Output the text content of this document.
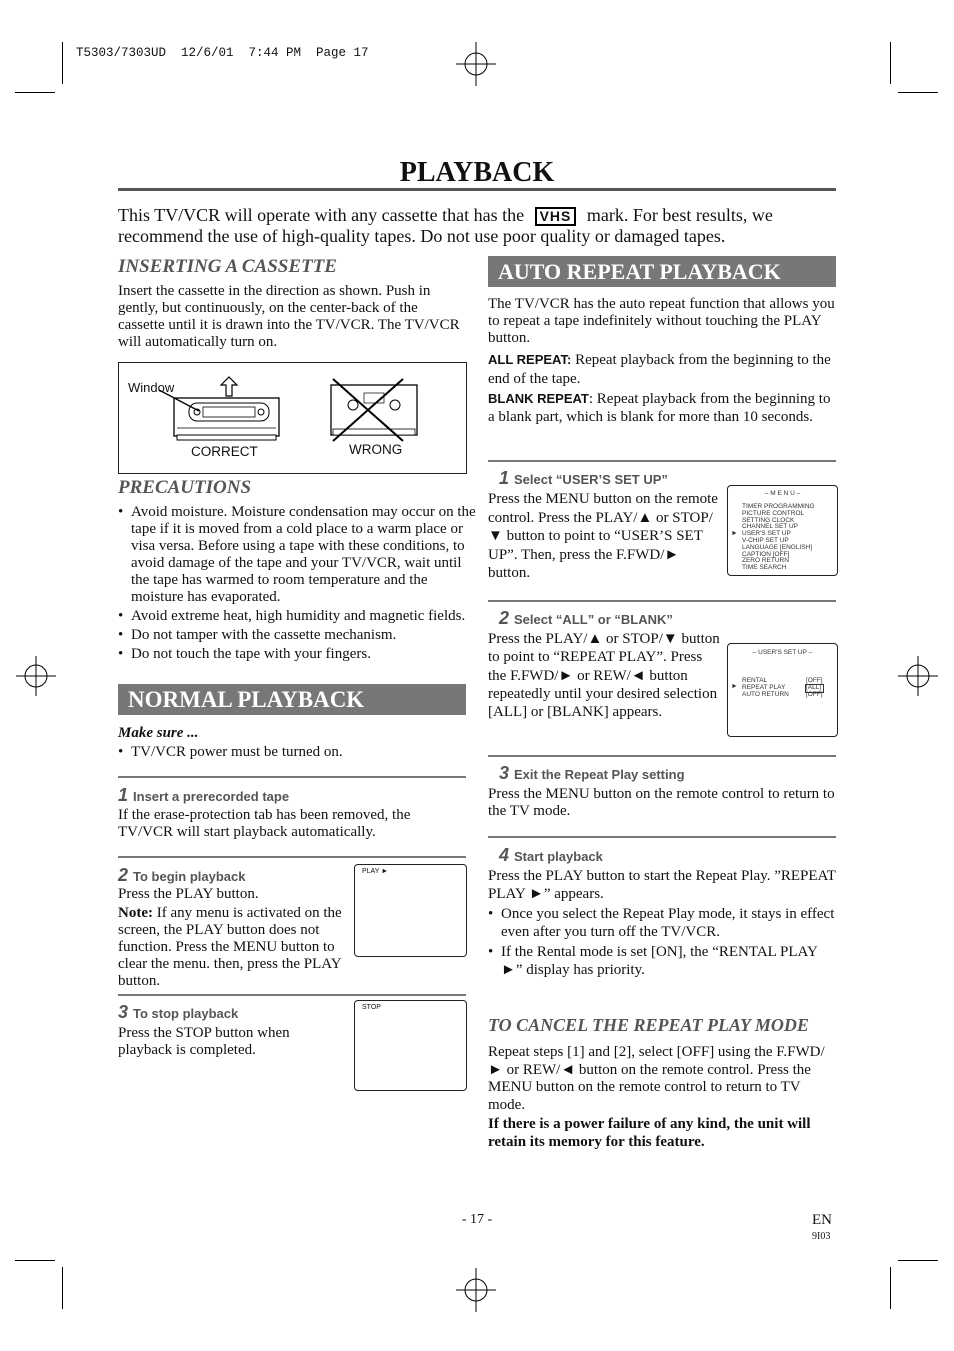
T5303/7303UD  12/6/01  7:44 PM  Page 17
PLAYBACK
This TV/VCR will operate with any cassette that has the VHS mark. For best results, we recommend the use of high-quality tapes. Do not use poor quality or damaged tapes.
INSERTING A CASSETTE
Insert the cassette in the direction as shown. Push in gently, but continuously, on the center-back of the cassette until it is drawn into the TV/VCR. The TV/VCR will automatically turn on.
Window
CORRECT	WRONG
PRECAUTIONS
• Avoid moisture. Moisture condensation may occur on the tape if it is moved from a cold place to a warm place or visa versa. Before using a tape with these conditions, to avoid damage of the tape and your TV/VCR, wait until the tape has warmed to room temperature and the moisture has evaporated.
• Avoid extreme heat, high humidity and magnetic fields.
• Do not tamper with the cassette mechanism.
• Do not touch the tape with your fingers.
NORMAL PLAYBACK
Make sure ...
• TV/VCR power must be turned on.
1 Insert a prerecorded tape
If the erase-protection tab has been removed, the TV/VCR will start playback automatically.
2 To begin playback
Press the PLAY button.
Note: If any menu is activated on the screen, the PLAY button does not function. Press the MENU button to clear the menu. then, press the PLAY button.
PLAY ►
3 To stop playback
Press the STOP button when playback is completed.
STOP
AUTO REPEAT PLAYBACK
The TV/VCR has the auto repeat function that allows you to repeat a tape indefinitely without touching the PLAY button.
ALL REPEAT: Repeat playback from the beginning to the end of the tape.
BLANK REPEAT: Repeat playback from the beginning to a blank part, which is blank for more than 10 seconds.
1 Select “USER’S SET UP”
Press the MENU button on the remote control. Press the PLAY/▲ or STOP/▼ button to point to “USER’S SET UP”. Then, press the F.FWD/► button.
– M E N U –
TIMER PROGRAMMING
PICTURE CONTROL
SETTING CLOCK
CHANNEL SET UP
USER'S SET UP
V-CHIP SET UP
LANGUAGE [ENGLISH]
CAPTION [OFF]
ZERO RETURN
TIME SEARCH
►
2 Select “ALL” or “BLANK”
Press the PLAY/▲ or STOP/▼ button to point to “REPEAT PLAY”. Press the F.FWD/► or REW/◄ button repeatedly until your desired selection [ALL] or [BLANK] appears.
– USER'S SET UP –
RENTAL
REPEAT PLAY
AUTO RETURN
[OFF]
[ALL]
[OFF]
►
3 Exit the Repeat Play setting
Press the MENU button on the remote control to return to the TV mode.
4 Start playback
Press the PLAY button to start the Repeat Play. ”REPEAT PLAY ►” appears.
• Once you select the Repeat Play mode, it stays in effect even after you turn off the TV/VCR.
• If the Rental mode is set [ON], the “RENTAL PLAY ►” display has priority.
TO CANCEL THE REPEAT PLAY MODE
Repeat steps [1] and [2], select [OFF] using the F.FWD/► or REW/◄ button on the remote control. Press the MENU button on the remote control to return to TV mode.
If there is a power failure of any kind, the unit will retain its memory for this feature.
- 17 -	EN
9I03
